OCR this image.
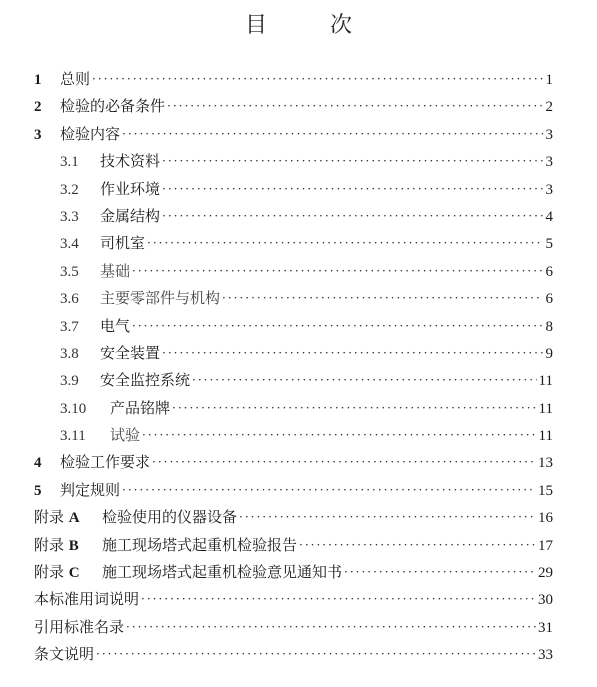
目 次
1	总则 ·····	1
2	检验的必备条件 ·····	2
3	检验内容 ·····	3
3.1	技术资料 ·····	3
3.2	作业环境 ·····	3
3.3	金属结构 ·····	4
3.4	司机室 ·····	5
3.5	基础 ·····	6
3.6	主要零部件与机构 ·····	6
3.7	电气 ·····	8
3.8	安全装置 ·····	9
3.9	安全监控系统 ·····	11
3.10	产品铭牌 ·····	11
3.11	试验 ·····	11
4	检验工作要求 ·····	13
5	判定规则 ·····	15
附录 A	检验使用的仪器设备 ·····	16
附录 B	施工现场塔式起重机检验报告 ·····	17
附录 C	施工现场塔式起重机检验意见通知书 ·····	29
本标准用词说明 ·····	30
引用标准名录 ·····	31
条文说明 ·····	33
